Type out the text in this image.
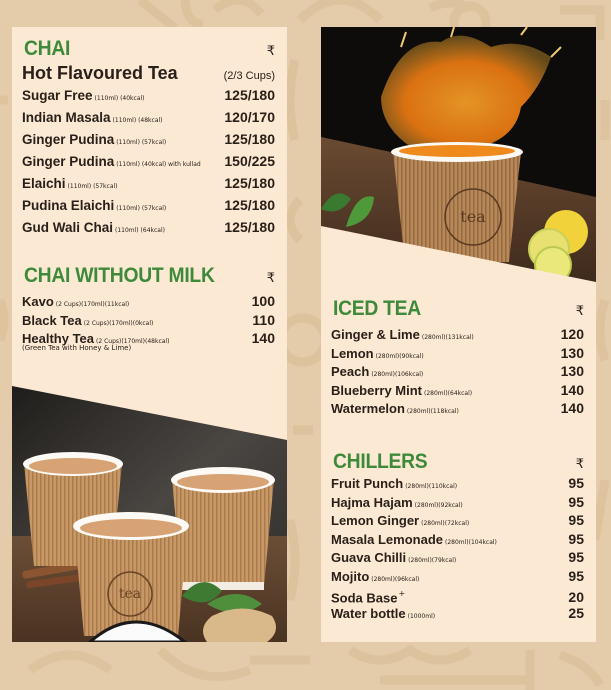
CHAI	₹
Hot Flavoured Tea	(2/3 Cups)
Sugar Free (110ml) (40kcal)	125/180
Indian Masala (110ml) (48kcal)	120/170
Ginger Pudina (110ml) (57kcal)	125/180
Ginger Pudina (110ml) (40kcal) with kullad 150/225
Elaichi (110ml) (57kcal)	125/180
Pudina Elaichi (110ml) (57kcal)	125/180
Gud Wali Chai (110ml) (64kcal)	125/180
CHAI WITHOUT MILK	₹
Kavo (2 Cups)(170ml)(11kcal)	100
Black Tea (2 Cups)(170ml)(0kcal)	110
Healthy Tea (2 Cups)(170ml)(48kcal)	140
(Green Tea with Honey & Lime)
tea
tea
ICED TEA	₹
Ginger & Lime (280ml)(131kcal)	120
Lemon (280ml)(90kcal)	130
Peach (280ml)(106kcal)	130
Blueberry Mint (280ml)(64kcal)	140
Watermelon (280ml)(118kcal)	140
CHILLERS	₹
Fruit Punch (280ml)(110kcal)	95
Hajma Hajam (280ml)(92kcal)	95
Lemon Ginger (280ml)(72kcal)	95
Masala Lemonade (280ml)(104kcal)	95
Guava Chilli (280ml)(79kcal)	95
Mojito (280ml)(96kcal)	95
Soda Base+	20
Water bottle (1000ml)	25
